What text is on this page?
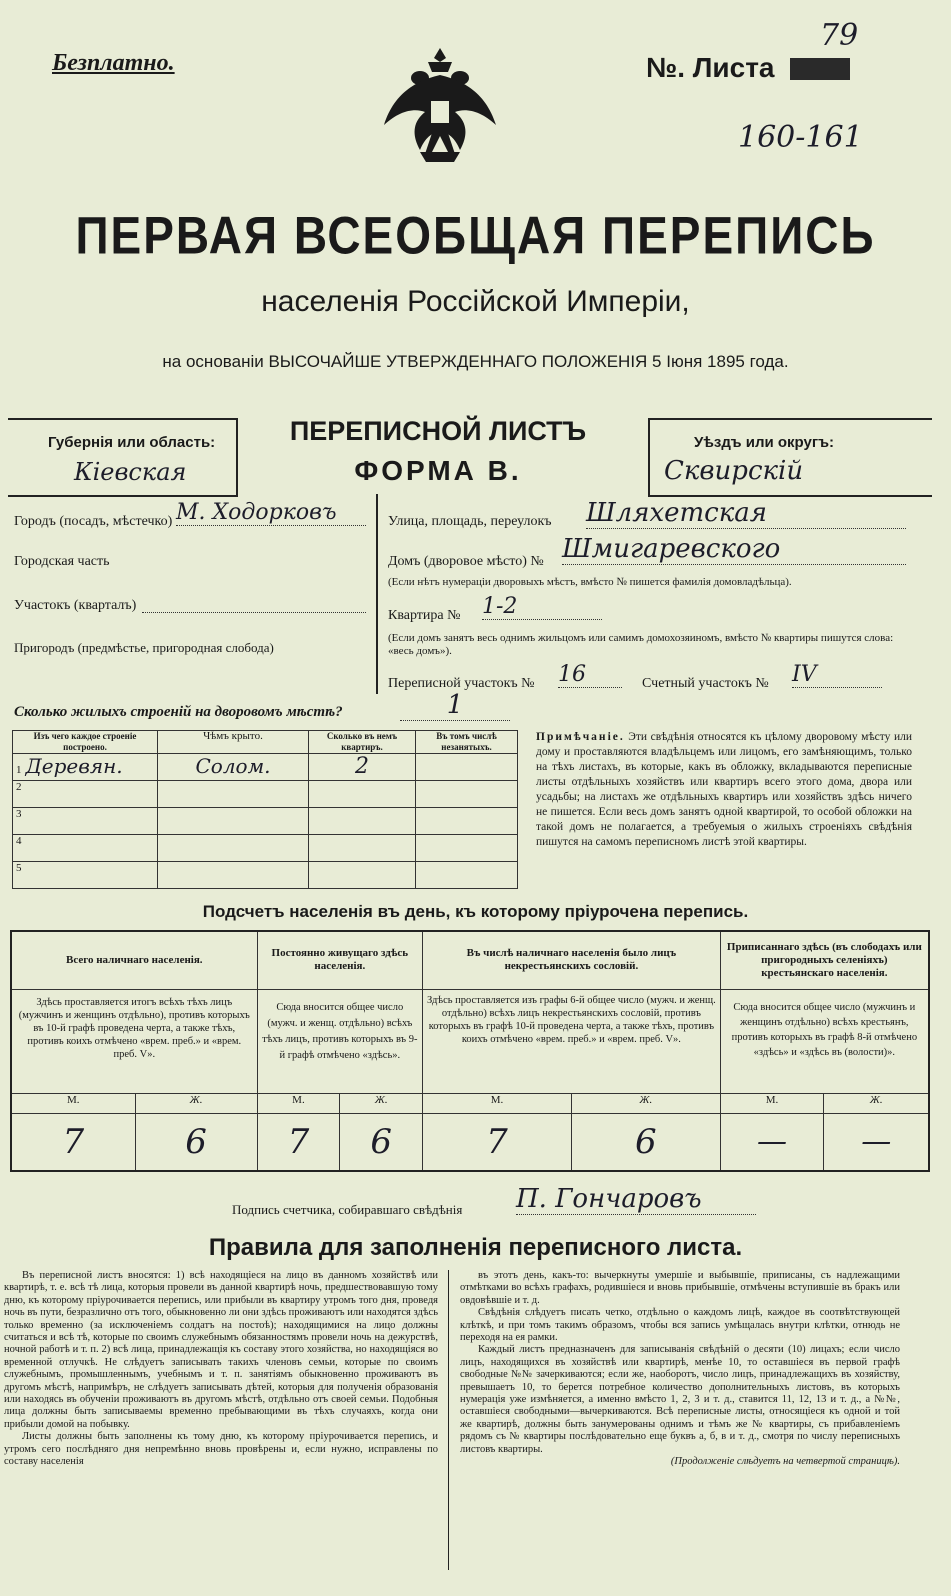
Безплатно.	№. Листа
79
160-161
ПЕРВАЯ ВСЕОБЩАЯ ПЕРЕПИСЬ
населенія Россійской Имперіи,
на основаніи ВЫСОЧАЙШЕ УТВЕРЖДЕННАГО ПОЛОЖЕНІЯ 5 Іюня 1895 года.
Губернія или область:
Кiевская
ПЕРЕПИСНОЙ ЛИСТЪ
ФОРМА В.
Уѣздъ или округъ:
Сквирскiй
Городъ (посадъ, мѣстечко) М. Ходорковъ
Городская часть
Участокъ (кварталъ)
Пригородъ (предмѣстье, пригородная слобода)
Улица, площадь, переулокъ Шляхетская
Домъ (дворовое мѣсто) № Шмигаревского
(Если нѣтъ нумераціи дворовыхъ мѣстъ, вмѣсто № пишется фамилія домовладѣльца).
Квартира № 1-2
(Если домъ занятъ весь однимъ жильцомъ или самимъ домохозяиномъ, вмѣсто № квартиры пишутся слова: «весь домъ»).
Переписной участокъ № 16	Счетный участокъ № IV
Сколько жилыхъ строеній на дворовомъ мѣстѣ?	1
Изъ чего каждое строеніе построено.	Чѣмъ крыто.	Сколько въ немъ квартиръ.	Въ томъ числѣ незанятыхъ.
1 Деревян.	Солом.	2	
2			
3			
4			
5			
Примѣчаніе. Эти свѣдѣнія относятся къ цѣлому дворовому мѣсту или дому и проставляются владѣльцемъ или лицомъ, его замѣняющимъ, только на тѣхъ листахъ, въ которые, какъ въ обложку, вкладываются переписные листы отдѣльныхъ хозяйствъ или квартиръ всего этого дома, двора или усадьбы; на листахъ же отдѣльныхъ квартиръ или хозяйствъ здѣсь ничего не пишется. Если весь домъ занятъ одной квартирой, то особой обложки на такой домъ не полагается, а требуемыя о жилыхъ строеніяхъ свѣдѣнія пишутся на самомъ переписномъ листѣ этой квартиры.
Подсчетъ населенія въ день, къ которому пріурочена перепись.
Всего наличнаго населенія.		Постоянно живущаго здѣсь населенія.		Въ числѣ наличнаго населенія было лицъ некрестьянскихъ сословій.		Приписаннаго здѣсь (въ слободахъ или пригородныхъ селеніяхъ) крестьянскаго населенія.	
Здѣсь проставляется итогъ всѣхъ тѣхъ лицъ (мужчинъ и женщинъ отдѣльно), противъ которыхъ въ 10-й графѣ проведена черта, а также тѣхъ, противъ коихъ отмѣчено «врем. преб.» и «врем. преб. V».		Сюда вносится общее число (мужч. и женщ. отдѣльно) всѣхъ тѣхъ лицъ, противъ которыхъ въ 9-й графѣ отмѣчено «здѣсь».		Здѣсь проставляется изъ графы 6-й общее число (мужч. и женщ. отдѣльно) всѣхъ лицъ некрестьянскихъ сословій, противъ которыхъ въ графѣ 10-й проведена черта, а также тѣхъ, противъ коихъ отмѣчено «врем. преб.» и «врем. преб. V».		Сюда вносится общее число (мужчинъ и женщинъ отдѣльно) всѣхъ крестьянъ, противъ которыхъ въ графѣ 8-й отмѣчено «здѣсь» и «здѣсь въ (волости)».	
М.	Ж.	М.	Ж.	М.	Ж.	М.	Ж.
7	6	7	6	7	6	—	—
Подпись счетчика, собиравшаго свѣдѣнія П. Гончаровъ
Правила для заполненія переписного листа.

Въ переписной листъ вносятся: 1) всѣ находящіеся на лицо въ данномъ хозяйствѣ или квартирѣ, т. е. всѣ тѣ лица, которыя провели въ данной квартирѣ ночь, предшествовавшую тому дню, къ которому пріурочивается перепись, или прибыли въ квартиру утромъ того дня, проведя ночь въ пути, безразлично отъ того, обыкновенно ли они здѣсь проживаютъ или находятся здѣсь только временно (за исключеніемъ солдатъ на постоѣ); находящимися на лицо должны считаться и всѣ тѣ, которые по своимъ служебнымъ обязанностямъ провели ночь на дежурствѣ, ночной работѣ и т. п. 2) всѣ лица, принадлежащія къ составу этого хозяйства, но находящіяся во временной отлучкѣ. Не слѣдуетъ записывать такихъ членовъ семьи, которые по своимъ служебнымъ, промышленнымъ, учебнымъ и т. п. занятіямъ обыкновенно проживаютъ въ другомъ мѣстѣ, напримѣръ, не слѣдуетъ записывать дѣтей, которыя для полученія образованія или находясь въ обученіи проживаютъ въ другомъ мѣстѣ, отдѣльно отъ своей семьи. Подобныя лица должны быть записываемы временно пребывающими въ тѣхъ случаяхъ, когда они прибыли домой на побывку.

Листы должны быть заполнены къ тому дню, къ которому пріурочивается перепись, и утромъ сего послѣдняго дня непремѣнно вновь провѣрены и, если нужно, исправлены по составу населенія

въ этотъ день, какъ-то: вычеркнуты умершіе и выбывшіе, приписаны, съ надлежащими отмѣтками во всѣхъ графахъ, родившіеся и вновь прибывшіе, отмѣчены вступившіе въ бракъ или овдовѣвшіе и т. д.

Свѣдѣнія слѣдуетъ писать четко, отдѣльно о каждомъ лицѣ, каждое въ соотвѣтствующей клѣткѣ, и при томъ такимъ образомъ, чтобы вся запись умѣщалась внутри клѣтки, отнюдь не переходя на ея рамки.

Каждый листъ предназначенъ для записыванія свѣдѣній о десяти (10) лицахъ; если число лицъ, находящихся въ хозяйствѣ или квартирѣ, менѣе 10, то оставшіеся въ первой графѣ свободные №№ зачеркиваются; если же, наоборотъ, число лицъ, принадлежащихъ въ хозяйству, превышаетъ 10, то берется потребное количество дополнительныхъ листовъ, въ которыхъ нумерація уже измѣняется, а именно вмѣсто 1, 2, 3 и т. д., ставится 11, 12, 13 и т. д., а №№, оставшіеся свободными—вычеркиваются. Всѣ переписные листы, относящіеся къ одной и той же квартирѣ, должны быть занумерованы однимъ и тѣмъ же № квартиры, съ прибавленіемъ рядомъ съ № квартиры послѣдовательно еще буквъ а, б, в и т. д., смотря по числу переписныхъ листовъ квартиры.

(Продолженіе слѣдуетъ на четвертой страницѣ).
